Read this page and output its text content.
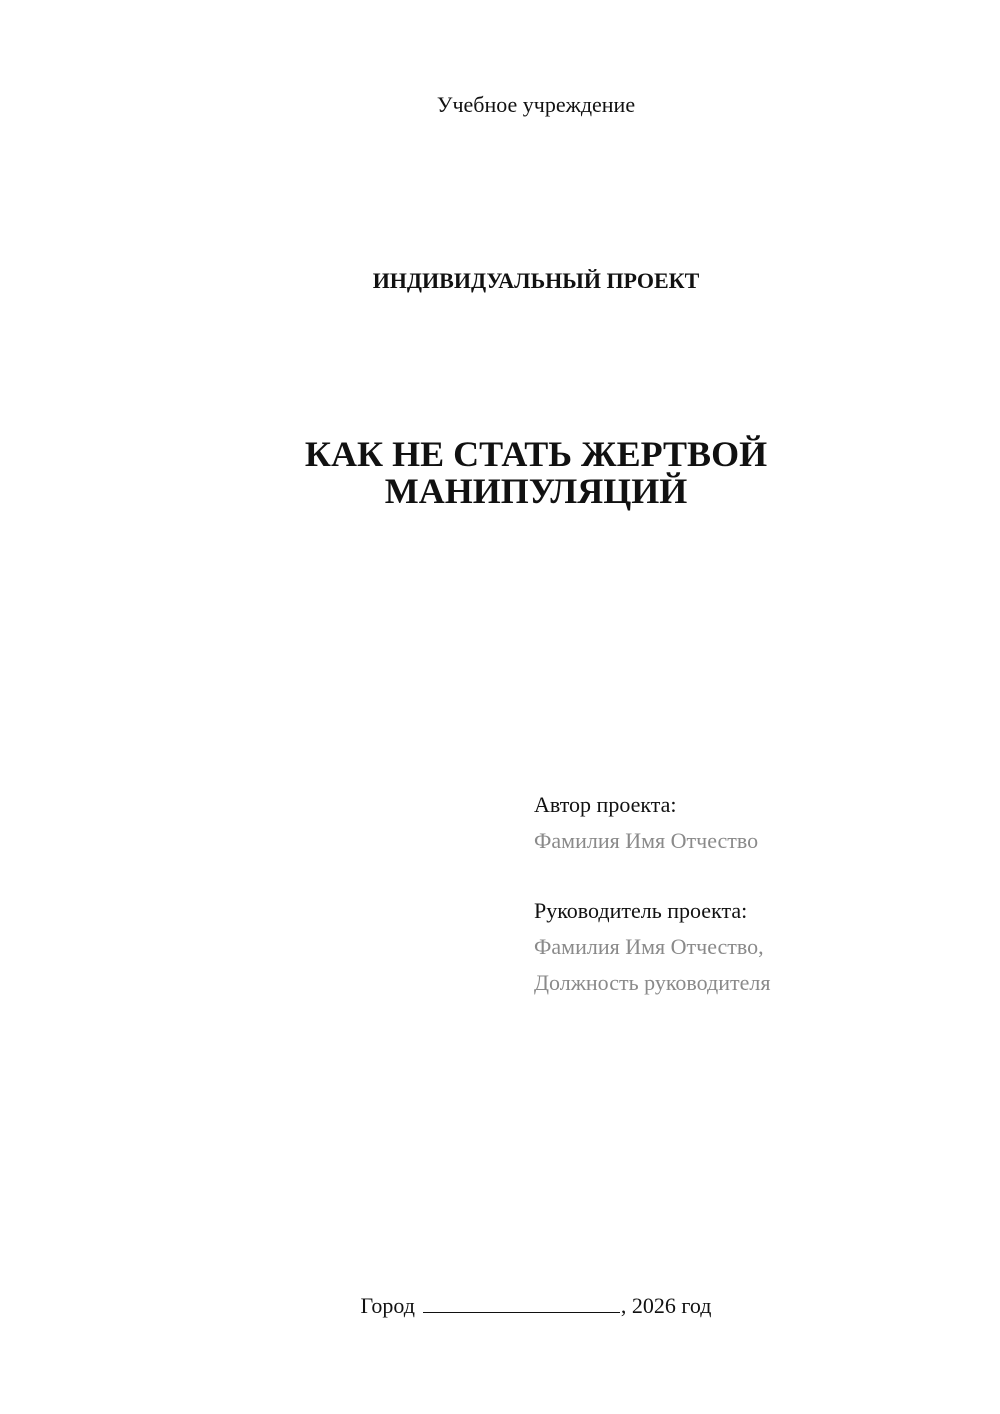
Учебное учреждение
ИНДИВИДУАЛЬНЫЙ ПРОЕКТ
КАК НЕ СТАТЬ ЖЕРТВОЙ
МАНИПУЛЯЦИЙ
Автор проекта:
Фамилия Имя Отчество
Руководитель проекта:
Фамилия Имя Отчество,
Должность руководителя
Город	, 2026 год
